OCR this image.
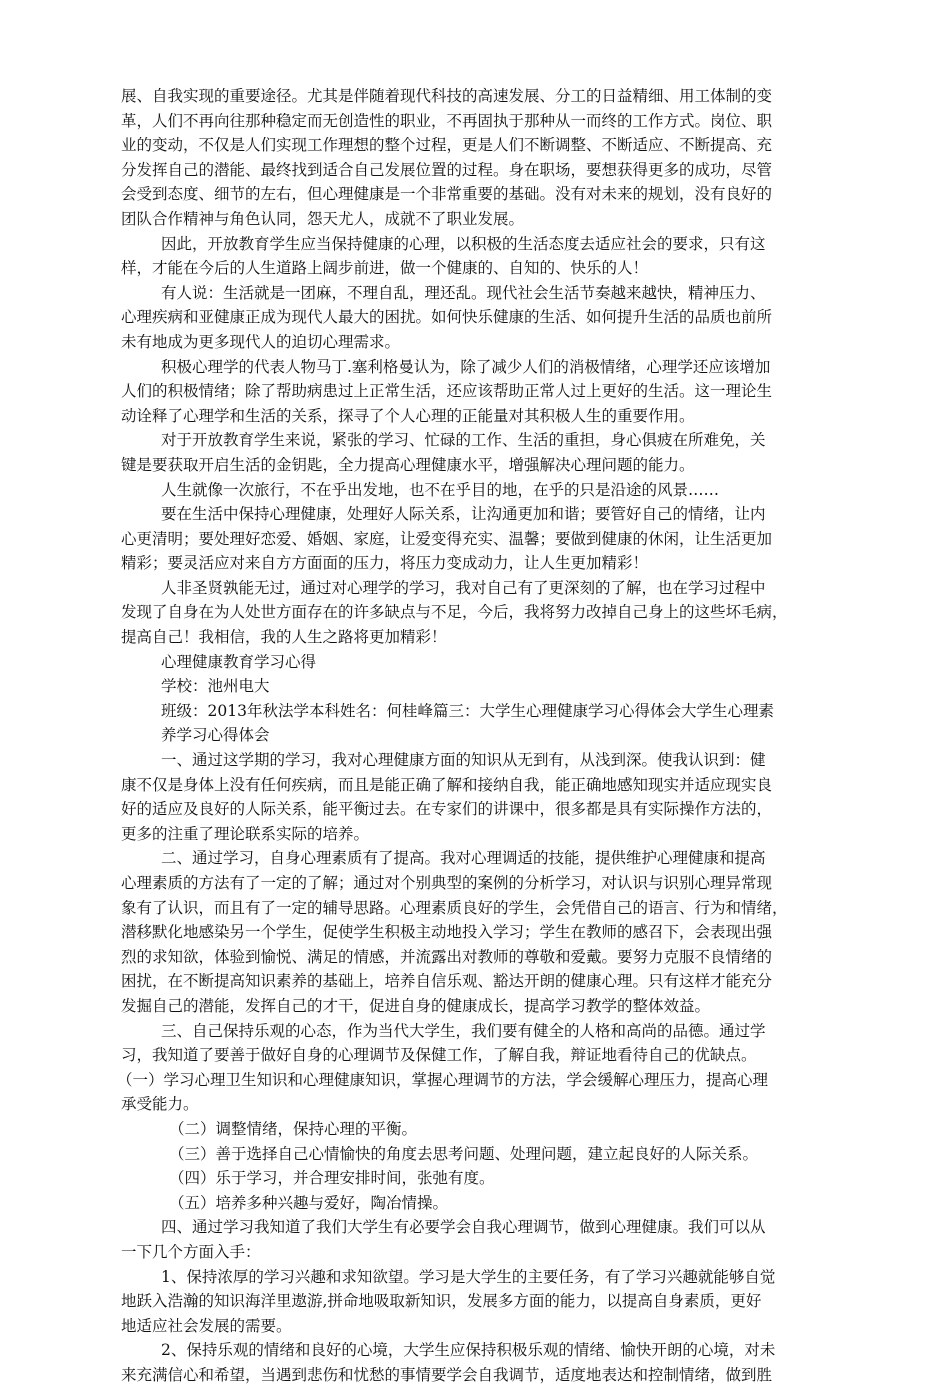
展、自我实现的重要途径。尤其是伴随着现代科技的高速发展、分工的日益精细、用工体制的变
革，人们不再向往那种稳定而无创造性的职业，不再固执于那种从一而终的工作方式。岗位、职
业的变动，不仅是人们实现工作理想的整个过程，更是人们不断调整、不断适应、不断提高、充
分发挥自己的潜能、最终找到适合自己发展位置的过程。身在职场，要想获得更多的成功，尽管
会受到态度、细节的左右，但心理健康是一个非常重要的基础。没有对未来的规划，没有良好的
团队合作精神与角色认同，怨天尤人，成就不了职业发展。
因此，开放教育学生应当保持健康的心理，以积极的生活态度去适应社会的要求，只有这
样，才能在今后的人生道路上阔步前进，做一个健康的、自知的、快乐的人！
有人说：生活就是一团麻，不理自乱，理还乱。现代社会生活节奏越来越快，精神压力、
心理疾病和亚健康正成为现代人最大的困扰。如何快乐健康的生活、如何提升生活的品质也前所
未有地成为更多现代人的迫切心理需求。
积极心理学的代表人物马丁.塞利格曼认为，除了减少人们的消极情绪，心理学还应该增加
人们的积极情绪；除了帮助病患过上正常生活，还应该帮助正常人过上更好的生活。这一理论生
动诠释了心理学和生活的关系，探寻了个人心理的正能量对其积极人生的重要作用。
对于开放教育学生来说，紧张的学习、忙碌的工作、生活的重担，身心俱疲在所难免，关
键是要获取开启生活的金钥匙，全力提高心理健康水平，增强解决心理问题的能力。
人生就像一次旅行，不在乎出发地，也不在乎目的地，在乎的只是沿途的风景……
要在生活中保持心理健康，处理好人际关系，让沟通更加和谐；要管好自己的情绪，让内
心更清明；要处理好恋爱、婚姻、家庭，让爱变得充实、温馨；要做到健康的休闲，让生活更加
精彩；要灵活应对来自方方面面的压力，将压力变成动力，让人生更加精彩！
人非圣贤孰能无过，通过对心理学的学习，我对自己有了更深刻的了解，也在学习过程中
发现了自身在为人处世方面存在的许多缺点与不足，今后，我将努力改掉自己身上的这些坏毛病，
提高自己！我相信，我的人生之路将更加精彩！
心理健康教育学习心得
学校：池州电大
班级：2013年秋法学本科姓名：何桂峰篇三：大学生心理健康学习心得体会大学生心理素
养学习心得体会
一、通过这学期的学习，我对心理健康方面的知识从无到有，从浅到深。使我认识到：健
康不仅是身体上没有任何疾病，而且是能正确了解和接纳自我，能正确地感知现实并适应现实良
好的适应及良好的人际关系，能平衡过去。在专家们的讲课中，很多都是具有实际操作方法的，
更多的注重了理论联系实际的培养。
二、通过学习，自身心理素质有了提高。我对心理调适的技能，提供维护心理健康和提高
心理素质的方法有了一定的了解；通过对个别典型的案例的分析学习，对认识与识别心理异常现
象有了认识，而且有了一定的辅导思路。心理素质良好的学生，会凭借自己的语言、行为和情绪，
潜移默化地感染另一个学生，促使学生积极主动地投入学习；学生在教师的感召下，会表现出强
烈的求知欲，体验到愉悦、满足的情感，并流露出对教师的尊敬和爱戴。要努力克服不良情绪的
困扰，在不断提高知识素养的基础上，培养自信乐观、豁达开朗的健康心理。只有这样才能充分
发掘自己的潜能，发挥自己的才干，促进自身的健康成长，提高学习教学的整体效益。
三、自己保持乐观的心态，作为当代大学生，我们要有健全的人格和高尚的品德。通过学
习，我知道了要善于做好自身的心理调节及保健工作，了解自我，辩证地看待自己的优缺点。
（一）学习心理卫生知识和心理健康知识，掌握心理调节的方法，学会缓解心理压力，提高心理
承受能力。
（二）调整情绪，保持心理的平衡。
（三）善于选择自己心情愉快的角度去思考问题、处理问题，建立起良好的人际关系。
（四）乐于学习，并合理安排时间，张弛有度。
（五）培养多种兴趣与爱好，陶冶情操。
四、通过学习我知道了我们大学生有必要学会自我心理调节，做到心理健康。我们可以从
一下几个方面入手：
1、保持浓厚的学习兴趣和求知欲望。学习是大学生的主要任务，有了学习兴趣就能够自觉
地跃入浩瀚的知识海洋里遨游,拼命地吸取新知识，发展多方面的能力，以提高自身素质，更好
地适应社会发展的需要。
2、保持乐观的情绪和良好的心境，大学生应保持积极乐观的情绪、愉快开朗的心境，对未
来充满信心和希望，当遇到悲伤和忧愁的事情要学会自我调节，适度地表达和控制情绪，做到胜
